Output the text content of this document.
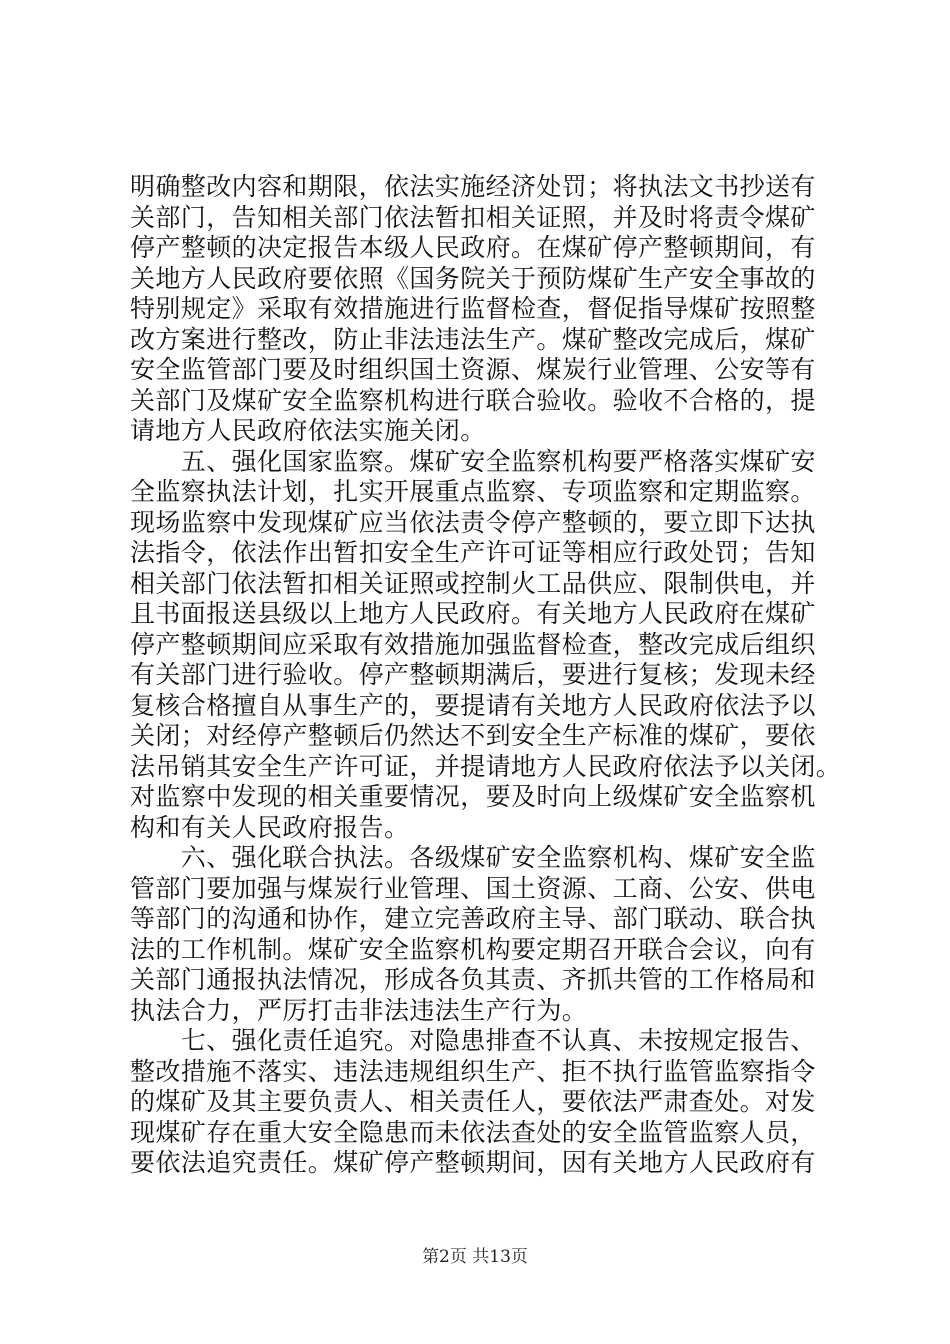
明确整改内容和期限，依法实施经济处罚；将执法文书抄送有
关部门，告知相关部门依法暂扣相关证照，并及时将责令煤矿
停产整顿的决定报告本级人民政府。在煤矿停产整顿期间，有
关地方人民政府要依照《国务院关于预防煤矿生产安全事故的
特别规定》采取有效措施进行监督检查，督促指导煤矿按照整
改方案进行整改，防止非法违法生产。煤矿整改完成后，煤矿
安全监管部门要及时组织国土资源、煤炭行业管理、公安等有
关部门及煤矿安全监察机构进行联合验收。验收不合格的，提
请地方人民政府依法实施关闭。
　　五、强化国家监察。煤矿安全监察机构要严格落实煤矿安
全监察执法计划，扎实开展重点监察、专项监察和定期监察。
现场监察中发现煤矿应当依法责令停产整顿的，要立即下达执
法指令，依法作出暂扣安全生产许可证等相应行政处罚；告知
相关部门依法暂扣相关证照或控制火工品供应、限制供电，并
且书面报送县级以上地方人民政府。有关地方人民政府在煤矿
停产整顿期间应采取有效措施加强监督检查，整改完成后组织
有关部门进行验收。停产整顿期满后，要进行复核；发现未经
复核合格擅自从事生产的，要提请有关地方人民政府依法予以
关闭；对经停产整顿后仍然达不到安全生产标准的煤矿，要依
法吊销其安全生产许可证，并提请地方人民政府依法予以关闭。
对监察中发现的相关重要情况，要及时向上级煤矿安全监察机
构和有关人民政府报告。
　　六、强化联合执法。各级煤矿安全监察机构、煤矿安全监
管部门要加强与煤炭行业管理、国土资源、工商、公安、供电
等部门的沟通和协作，建立完善政府主导、部门联动、联合执
法的工作机制。煤矿安全监察机构要定期召开联合会议，向有
关部门通报执法情况，形成各负其责、齐抓共管的工作格局和
执法合力，严厉打击非法违法生产行为。
　　七、强化责任追究。对隐患排查不认真、未按规定报告、
整改措施不落实、违法违规组织生产、拒不执行监管监察指令
的煤矿及其主要负责人、相关责任人，要依法严肃查处。对发
现煤矿存在重大安全隐患而未依法查处的安全监管监察人员，
要依法追究责任。煤矿停产整顿期间，因有关地方人民政府有
第2页 共13页
